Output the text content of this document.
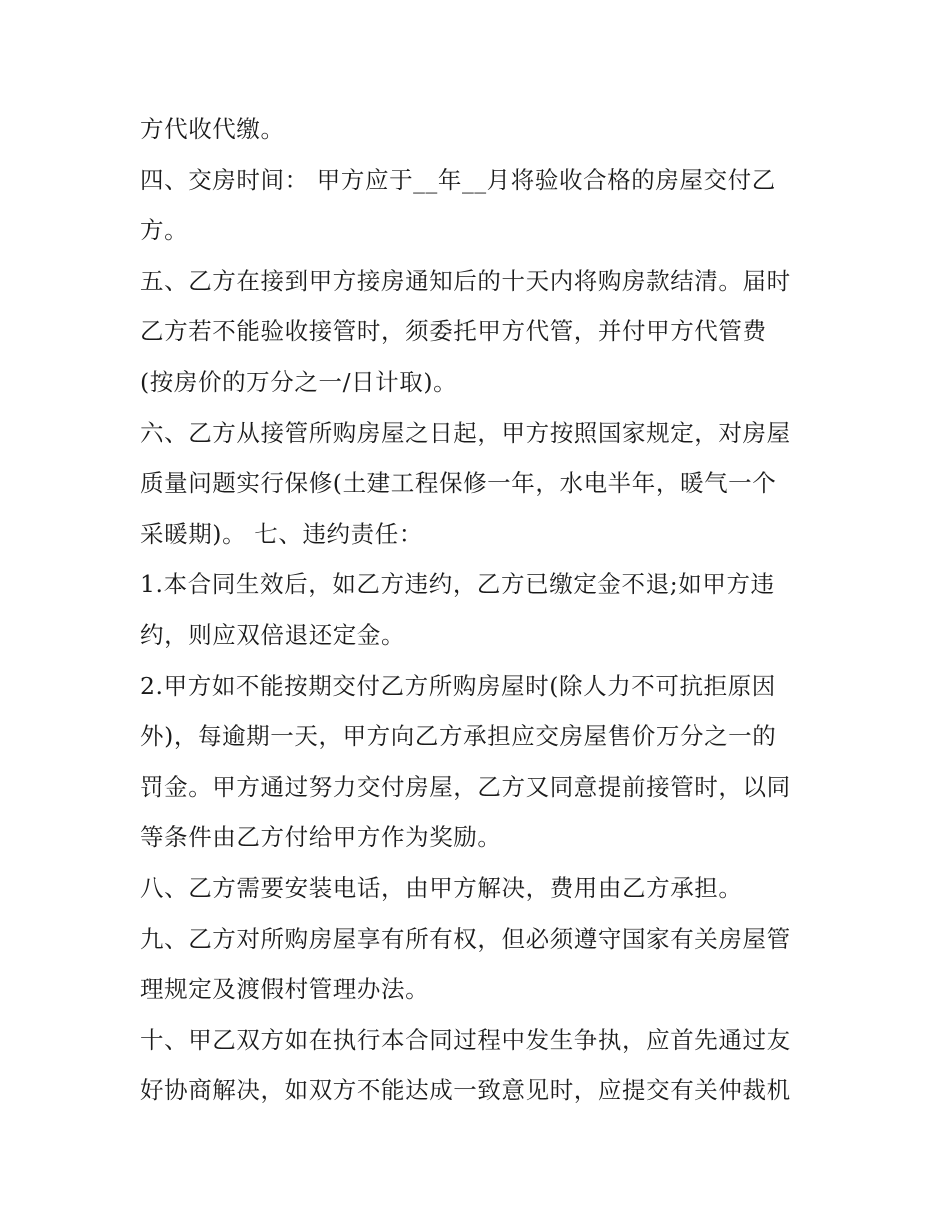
方代收代缴。
四、交房时间： 甲方应于__年__月将验收合格的房屋交付乙
方。
五、乙方在接到甲方接房通知后的十天内将购房款结清。届时
乙方若不能验收接管时，须委托甲方代管，并付甲方代管费
(按房价的万分之一/日计取)。
六、乙方从接管所购房屋之日起，甲方按照国家规定，对房屋
质量问题实行保修(土建工程保修一年，水电半年，暖气一个
采暖期)。 七、违约责任：
1.本合同生效后，如乙方违约，乙方已缴定金不退;如甲方违
约，则应双倍退还定金。
2.甲方如不能按期交付乙方所购房屋时(除人力不可抗拒原因
外)，每逾期一天，甲方向乙方承担应交房屋售价万分之一的
罚金。甲方通过努力交付房屋，乙方又同意提前接管时，以同
等条件由乙方付给甲方作为奖励。
八、乙方需要安装电话，由甲方解决，费用由乙方承担。
九、乙方对所购房屋享有所有权，但必须遵守国家有关房屋管
理规定及渡假村管理办法。
十、甲乙双方如在执行本合同过程中发生争执，应首先通过友
好协商解决，如双方不能达成一致意见时，应提交有关仲裁机
